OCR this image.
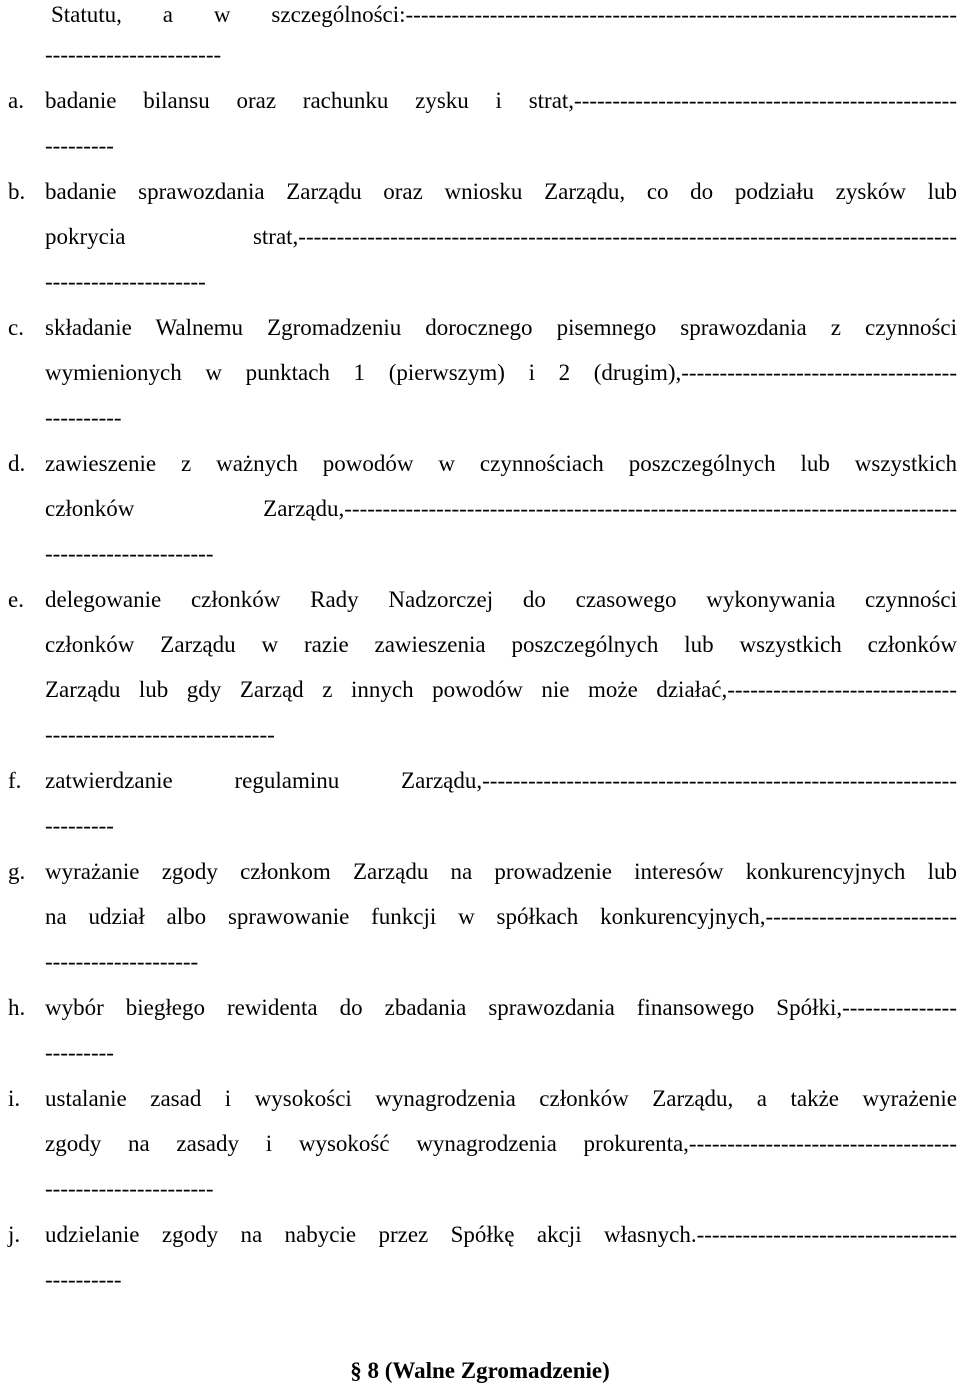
Statutu, a w szczególności:------------------------------------------------------------------------
-----------------------
a. badanie bilansu oraz rachunku zysku i strat,--------------------------------------------------
---------
b. badanie sprawozdania Zarządu oraz wniosku Zarządu, co do podziału zysków lub
pokrycia strat,--------------------------------------------------------------------------------------
---------------------
c. składanie Walnemu Zgromadzeniu dorocznego pisemnego sprawozdania z czynności
wymienionych w punktach 1 (pierwszym) i 2 (drugim),------------------------------------
----------
d. zawieszenie z ważnych powodów w czynnościach poszczególnych lub wszystkich
członków Zarządu,--------------------------------------------------------------------------------
----------------------
e. delegowanie członków Rady Nadzorczej do czasowego wykonywania czynności
członków Zarządu w razie zawieszenia poszczególnych lub wszystkich członków
Zarządu lub gdy Zarząd z innych powodów nie może działać,------------------------------
------------------------------
f. zatwierdzanie regulaminu Zarządu,--------------------------------------------------------------
---------
g. wyrażanie zgody członkom Zarządu na prowadzenie interesów konkurencyjnych lub
na udział albo sprawowanie funkcji w spółkach konkurencyjnych,-------------------------
--------------------
h. wybór biegłego rewidenta do zbadania sprawozdania finansowego Spółki,---------------
---------
i. ustalanie zasad i wysokości wynagrodzenia członków Zarządu, a także wyrażenie
zgody na zasady i wysokość wynagrodzenia prokurenta,-----------------------------------
----------------------
j. udzielanie zgody na nabycie przez Spółkę akcji własnych.----------------------------------
----------
§ 8 (Walne Zgromadzenie)
